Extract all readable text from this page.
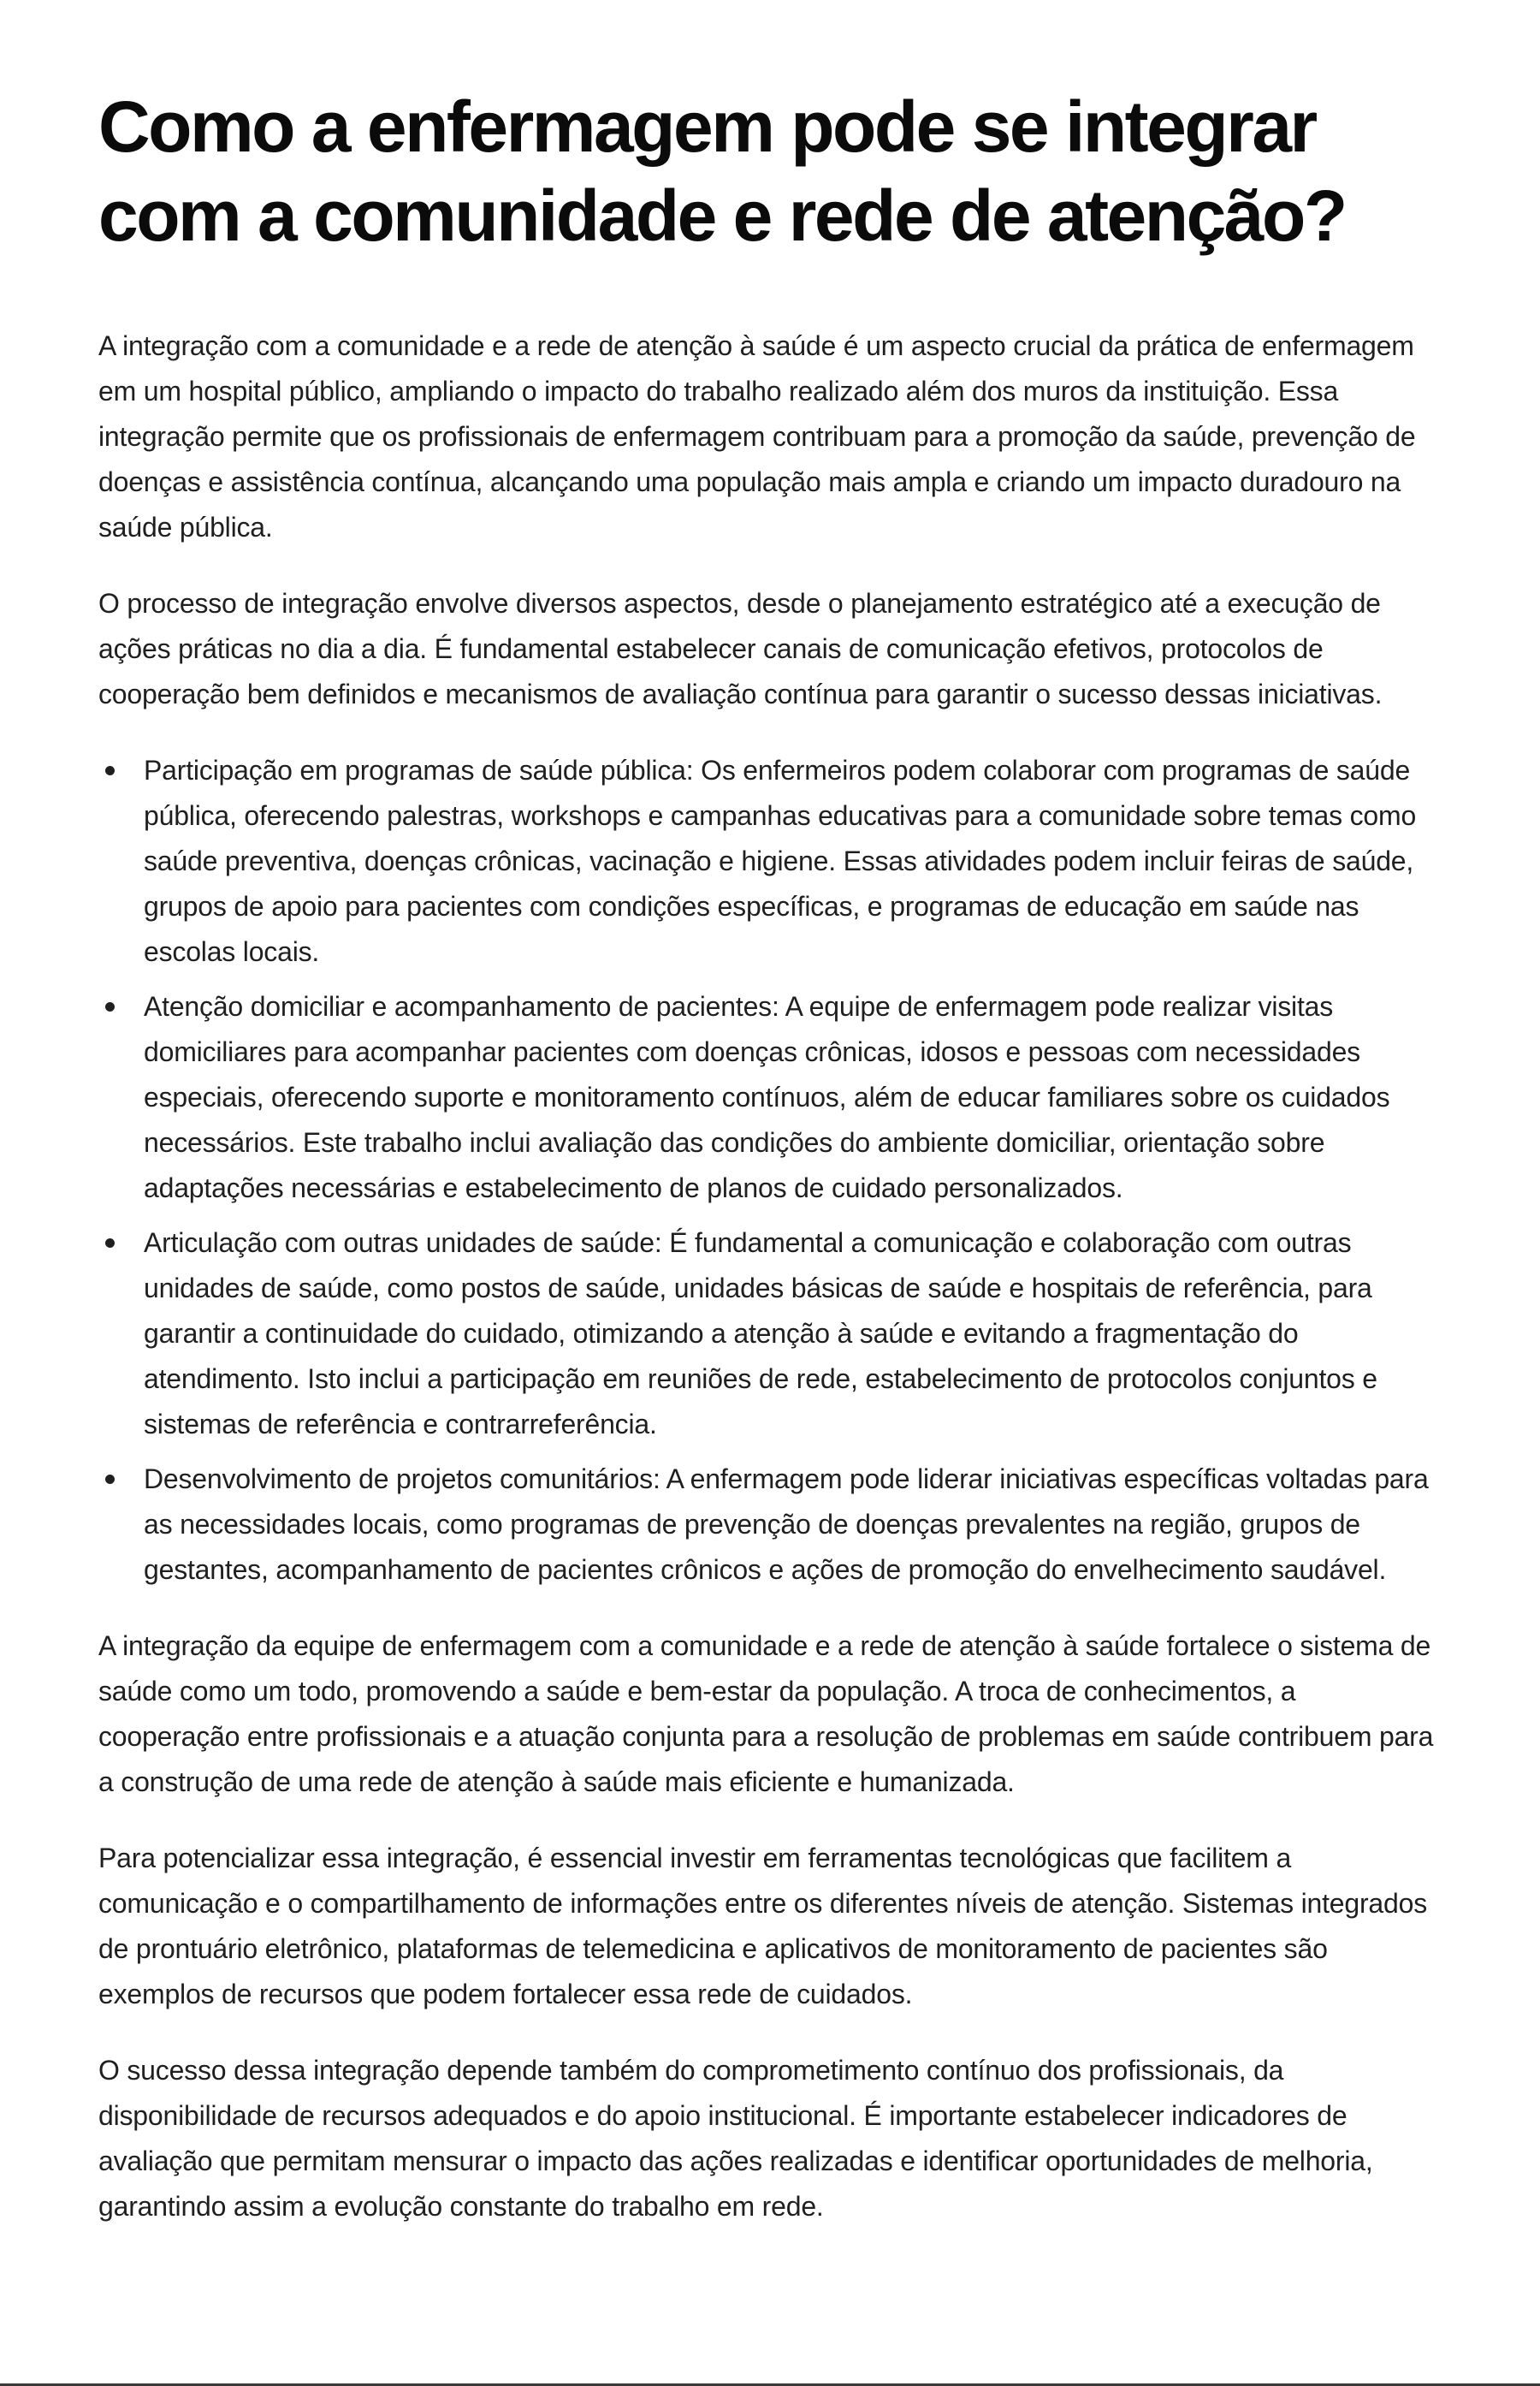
Como a enfermagem pode se integrar com a comunidade e rede de atenção?

A integração com a comunidade e a rede de atenção à saúde é um aspecto crucial da prática de enfermagem em um hospital público, ampliando o impacto do trabalho realizado além dos muros da instituição. Essa integração permite que os profissionais de enfermagem contribuam para a promoção da saúde, prevenção de doenças e assistência contínua, alcançando uma população mais ampla e criando um impacto duradouro na saúde pública.

O processo de integração envolve diversos aspectos, desde o planejamento estratégico até a execução de ações práticas no dia a dia. É fundamental estabelecer canais de comunicação efetivos, protocolos de cooperação bem definidos e mecanismos de avaliação contínua para garantir o sucesso dessas iniciativas.

Participação em programas de saúde pública: Os enfermeiros podem colaborar com programas de saúde pública, oferecendo palestras, workshops e campanhas educativas para a comunidade sobre temas como saúde preventiva, doenças crônicas, vacinação e higiene. Essas atividades podem incluir feiras de saúde, grupos de apoio para pacientes com condições específicas, e programas de educação em saúde nas escolas locais.
Atenção domiciliar e acompanhamento de pacientes: A equipe de enfermagem pode realizar visitas domiciliares para acompanhar pacientes com doenças crônicas, idosos e pessoas com necessidades especiais, oferecendo suporte e monitoramento contínuos, além de educar familiares sobre os cuidados necessários. Este trabalho inclui avaliação das condições do ambiente domiciliar, orientação sobre adaptações necessárias e estabelecimento de planos de cuidado personalizados.
Articulação com outras unidades de saúde: É fundamental a comunicação e colaboração com outras unidades de saúde, como postos de saúde, unidades básicas de saúde e hospitais de referência, para garantir a continuidade do cuidado, otimizando a atenção à saúde e evitando a fragmentação do atendimento. Isto inclui a participação em reuniões de rede, estabelecimento de protocolos conjuntos e sistemas de referência e contrarreferência.
Desenvolvimento de projetos comunitários: A enfermagem pode liderar iniciativas específicas voltadas para as necessidades locais, como programas de prevenção de doenças prevalentes na região, grupos de gestantes, acompanhamento de pacientes crônicos e ações de promoção do envelhecimento saudável.

A integração da equipe de enfermagem com a comunidade e a rede de atenção à saúde fortalece o sistema de saúde como um todo, promovendo a saúde e bem-estar da população. A troca de conhecimentos, a cooperação entre profissionais e a atuação conjunta para a resolução de problemas em saúde contribuem para a construção de uma rede de atenção à saúde mais eficiente e humanizada.

Para potencializar essa integração, é essencial investir em ferramentas tecnológicas que facilitem a comunicação e o compartilhamento de informações entre os diferentes níveis de atenção. Sistemas integrados de prontuário eletrônico, plataformas de telemedicina e aplicativos de monitoramento de pacientes são exemplos de recursos que podem fortalecer essa rede de cuidados.

O sucesso dessa integração depende também do comprometimento contínuo dos profissionais, da disponibilidade de recursos adequados e do apoio institucional. É importante estabelecer indicadores de avaliação que permitam mensurar o impacto das ações realizadas e identificar oportunidades de melhoria, garantindo assim a evolução constante do trabalho em rede.
